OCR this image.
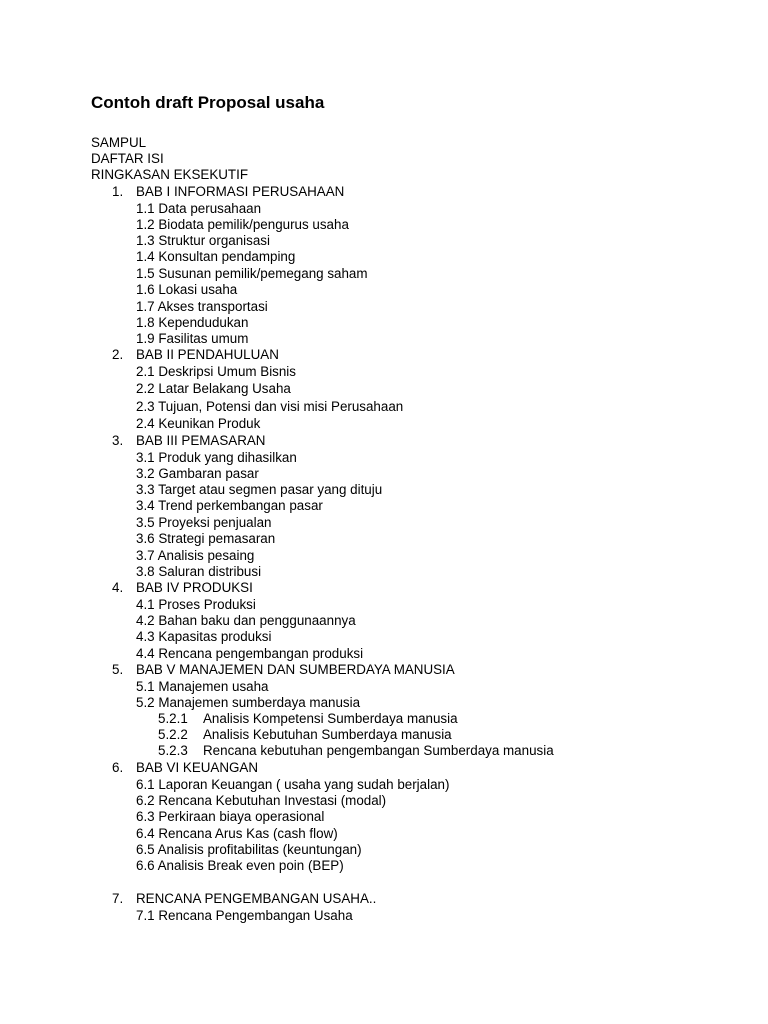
Contoh draft Proposal usaha
SAMPUL
DAFTAR ISI
RINGKASAN EKSEKUTIF
1. BAB I INFORMASI PERUSAHAAN
1.1 Data perusahaan
1.2 Biodata pemilik/pengurus usaha
1.3 Struktur organisasi
1.4 Konsultan pendamping
1.5 Susunan pemilik/pemegang saham
1.6 Lokasi usaha
1.7 Akses transportasi
1.8 Kependudukan
1.9 Fasilitas umum
2. BAB II PENDAHULUAN
2.1 Deskripsi Umum Bisnis
2.2 Latar Belakang Usaha
2.3 Tujuan, Potensi dan visi misi Perusahaan
2.4 Keunikan Produk
3. BAB III PEMASARAN
3.1 Produk yang dihasilkan
3.2 Gambaran pasar
3.3 Target atau segmen pasar yang dituju
3.4 Trend perkembangan pasar
3.5 Proyeksi penjualan
3.6 Strategi pemasaran
3.7 Analisis pesaing
3.8 Saluran distribusi
4. BAB IV PRODUKSI
4.1 Proses Produksi
4.2 Bahan baku dan penggunaannya
4.3 Kapasitas produksi
4.4 Rencana pengembangan produksi
5. BAB V MANAJEMEN DAN SUMBERDAYA MANUSIA
5.1 Manajemen usaha
5.2 Manajemen sumberdaya manusia
5.2.1 Analisis Kompetensi Sumberdaya manusia
5.2.2 Analisis Kebutuhan Sumberdaya manusia
5.2.3 Rencana kebutuhan pengembangan Sumberdaya manusia
6. BAB VI KEUANGAN
6.1 Laporan Keuangan ( usaha yang sudah berjalan)
6.2 Rencana Kebutuhan Investasi (modal)
6.3 Perkiraan biaya operasional
6.4 Rencana Arus Kas (cash flow)
6.5 Analisis profitabilitas (keuntungan)
6.6 Analisis Break even poin (BEP)
7. RENCANA PENGEMBANGAN USAHA..
7.1 Rencana Pengembangan Usaha
